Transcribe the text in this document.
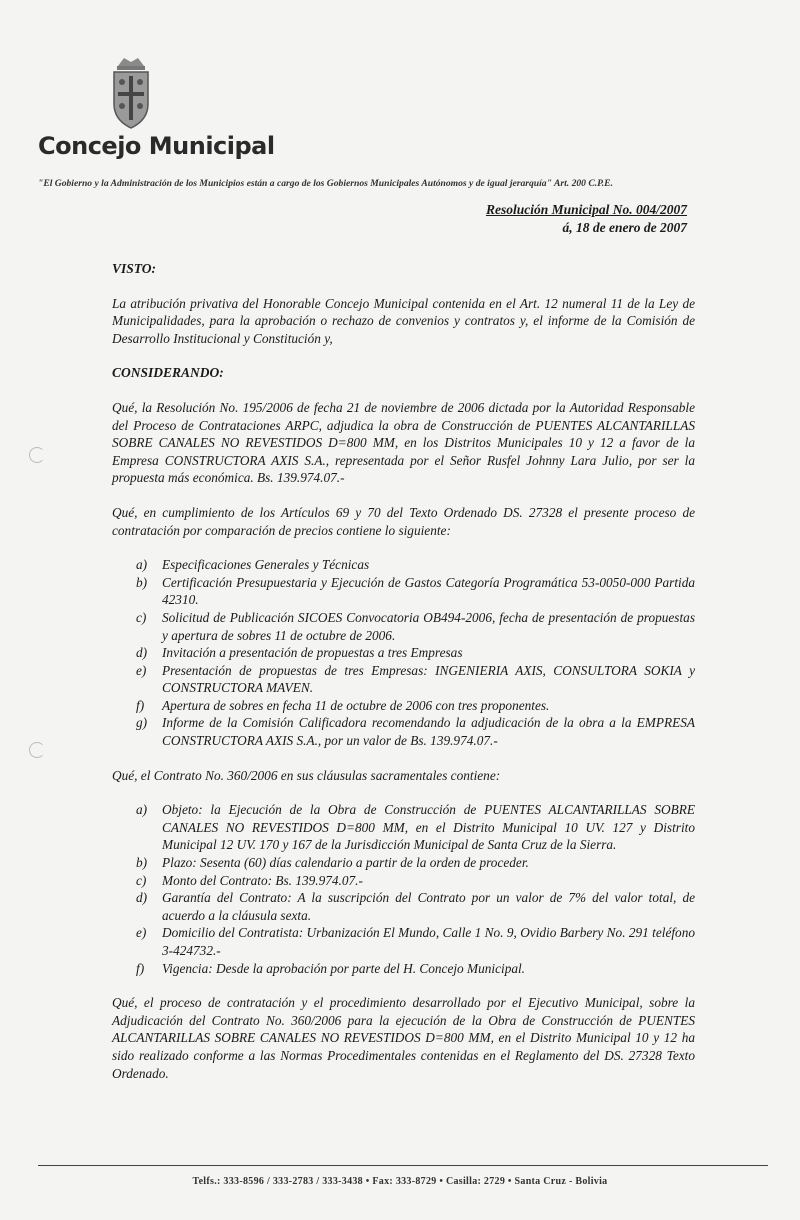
Concejo Municipal
"El Gobierno y la Administración de los Municipios están a cargo de los Gobiernos Municipales Autónomos y de igual jerarquía" Art. 200 C.P.E.
Resolución Municipal No. 004/2007
á, 18 de enero de 2007
VISTO:

La atribución privativa del Honorable Concejo Municipal contenida en el Art. 12 numeral 11 de la Ley de Municipalidades, para la aprobación o rechazo de convenios y contratos y, el informe de la Comisión de Desarrollo Institucional y Constitución y,

CONSIDERANDO:

Qué, la Resolución No. 195/2006 de fecha 21 de noviembre de 2006 dictada por la Autoridad Responsable del Proceso de Contrataciones ARPC, adjudica la obra de Construcción de PUENTES ALCANTARILLAS SOBRE CANALES NO REVESTIDOS D=800 MM, en los Distritos Municipales 10 y 12 a favor de la Empresa CONSTRUCTORA AXIS S.A., representada por el Señor Rusfel Johnny Lara Julio, por ser la propuesta más económica. Bs. 139.974.07.-

Qué, en cumplimiento de los Artículos 69 y 70 del Texto Ordenado DS. 27328 el presente proceso de contratación por comparación de precios contiene lo siguiente:

a)	Especificaciones Generales y Técnicas
b)	Certificación Presupuestaria y Ejecución de Gastos Categoría Programática 53-0050-000 Partida 42310.
c)	Solicitud de Publicación SICOES Convocatoria OB494-2006, fecha de presentación de propuestas y apertura de sobres 11 de octubre de 2006.
d)	Invitación a presentación de propuestas a tres Empresas
e)	Presentación de propuestas de tres Empresas: INGENIERIA AXIS, CONSULTORA SOKIA y CONSTRUCTORA MAVEN.
f)	Apertura de sobres en fecha 11 de octubre de 2006 con tres proponentes.
g)	Informe de la Comisión Calificadora recomendando la adjudicación de la obra a la EMPRESA CONSTRUCTORA AXIS S.A., por un valor de Bs. 139.974.07.-

Qué, el Contrato No. 360/2006 en sus cláusulas sacramentales contiene:

a)	Objeto: la Ejecución de la Obra de Construcción de PUENTES ALCANTARILLAS SOBRE CANALES NO REVESTIDOS D=800 MM, en el Distrito Municipal 10 UV. 127 y Distrito Municipal 12 UV. 170 y 167 de la Jurisdicción Municipal de Santa Cruz de la Sierra.
b)	Plazo: Sesenta (60) días calendario a partir de la orden de proceder.
c)	Monto del Contrato: Bs. 139.974.07.-
d)	Garantía del Contrato: A la suscripción del Contrato por un valor de 7% del valor total, de acuerdo a la cláusula sexta.
e)	Domicilio del Contratista: Urbanización El Mundo, Calle 1 No. 9, Ovidio Barbery No. 291 teléfono 3-424732.-
f)	Vigencia: Desde la aprobación por parte del H. Concejo Municipal.

Qué, el proceso de contratación y el procedimiento desarrollado por el Ejecutivo Municipal, sobre la Adjudicación del Contrato No. 360/2006 para la ejecución de la Obra de Construcción de PUENTES ALCANTARILLAS SOBRE CANALES NO REVESTIDOS D=800 MM, en el Distrito Municipal 10 y 12 ha sido realizado conforme a las Normas Procedimentales contenidas en el Reglamento del DS. 27328 Texto Ordenado.

Telfs.: 333-8596 / 333-2783 / 333-3438 • Fax: 333-8729 • Casilla: 2729 • Santa Cruz - Bolivia
